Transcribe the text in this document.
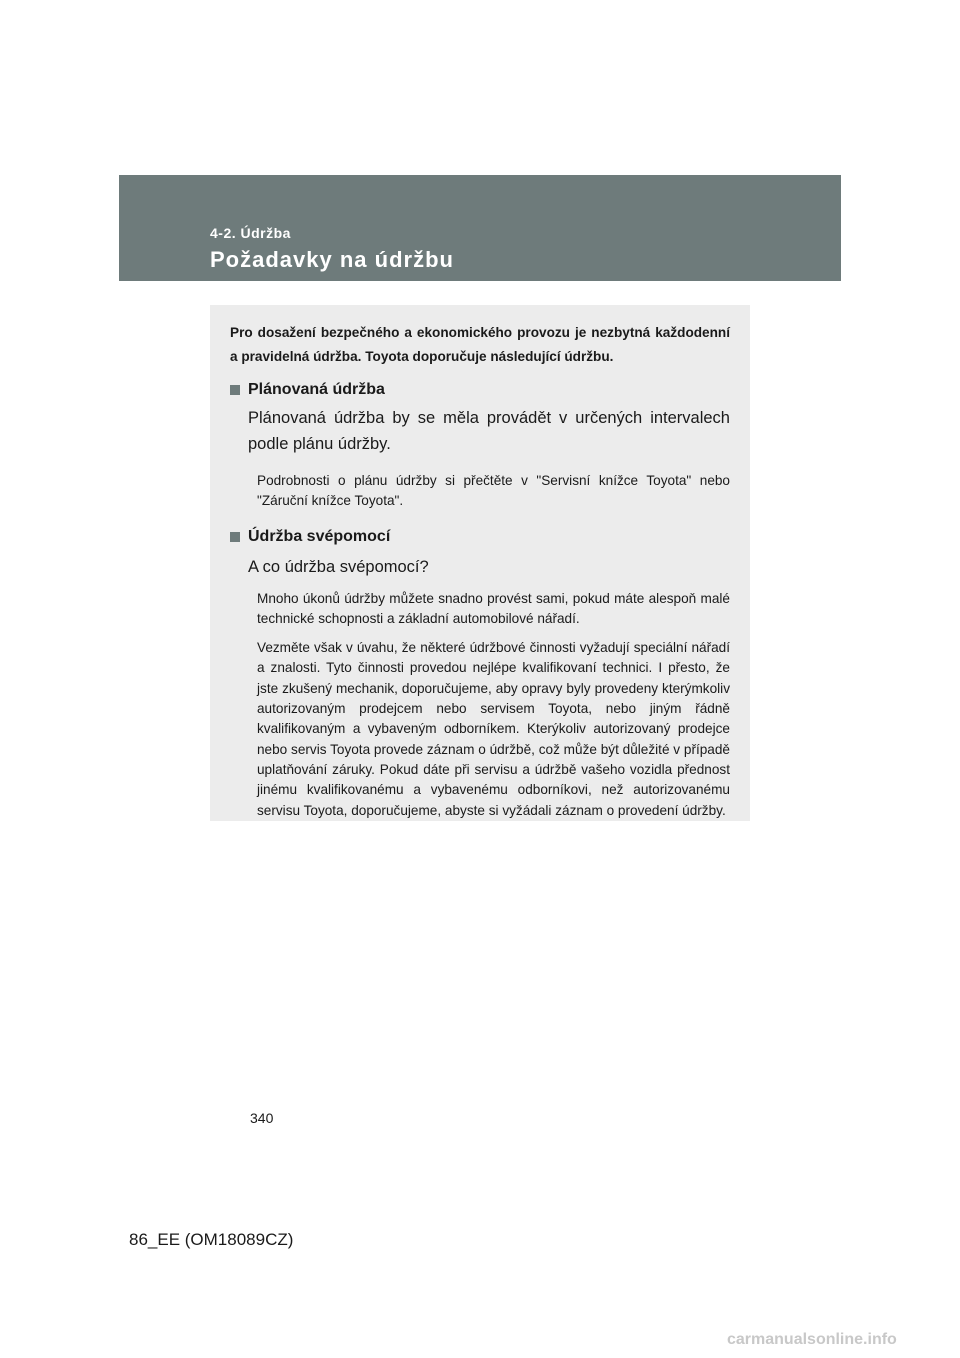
4-2. Údržba
Požadavky na údržbu

Pro dosažení bezpečného a ekonomického provozu je nezbytná každodenní a pravidelná údržba. Toyota doporučuje následující údržbu.

Plánovaná údržba

Plánovaná údržba by se měla provádět v určených intervalech podle plánu údržby.

Podrobnosti o plánu údržby si přečtěte v "Servisní knížce Toyota" nebo "Záruční knížce Toyota".

Údržba svépomocí

A co údržba svépomocí?

Mnoho úkonů údržby můžete snadno provést sami, pokud máte alespoň malé technické schopnosti a základní automobilové nářadí.

Vezměte však v úvahu, že některé údržbové činnosti vyžadují speciální nářadí a znalosti. Tyto činnosti provedou nejlépe kvalifikovaní technici. I přesto, že jste zkušený mechanik, doporučujeme, aby opravy byly provedeny kterýmkoliv autorizovaným prodejcem nebo servisem Toyota, nebo jiným řádně kvalifikovaným a vybaveným odborníkem. Kterýkoliv autorizovaný prodejce nebo servis Toyota provede záznam o údržbě, což může být důležité v případě uplatňování záruky. Pokud dáte při servisu a údržbě vašeho vozidla přednost jinému kvalifikovanému a vybavenému odborníkovi, než autorizovanému servisu Toyota, doporučujeme, abyste si vyžádali záznam o provedení údržby.

340
86_EE (OM18089CZ)
carmanualsonline.info
